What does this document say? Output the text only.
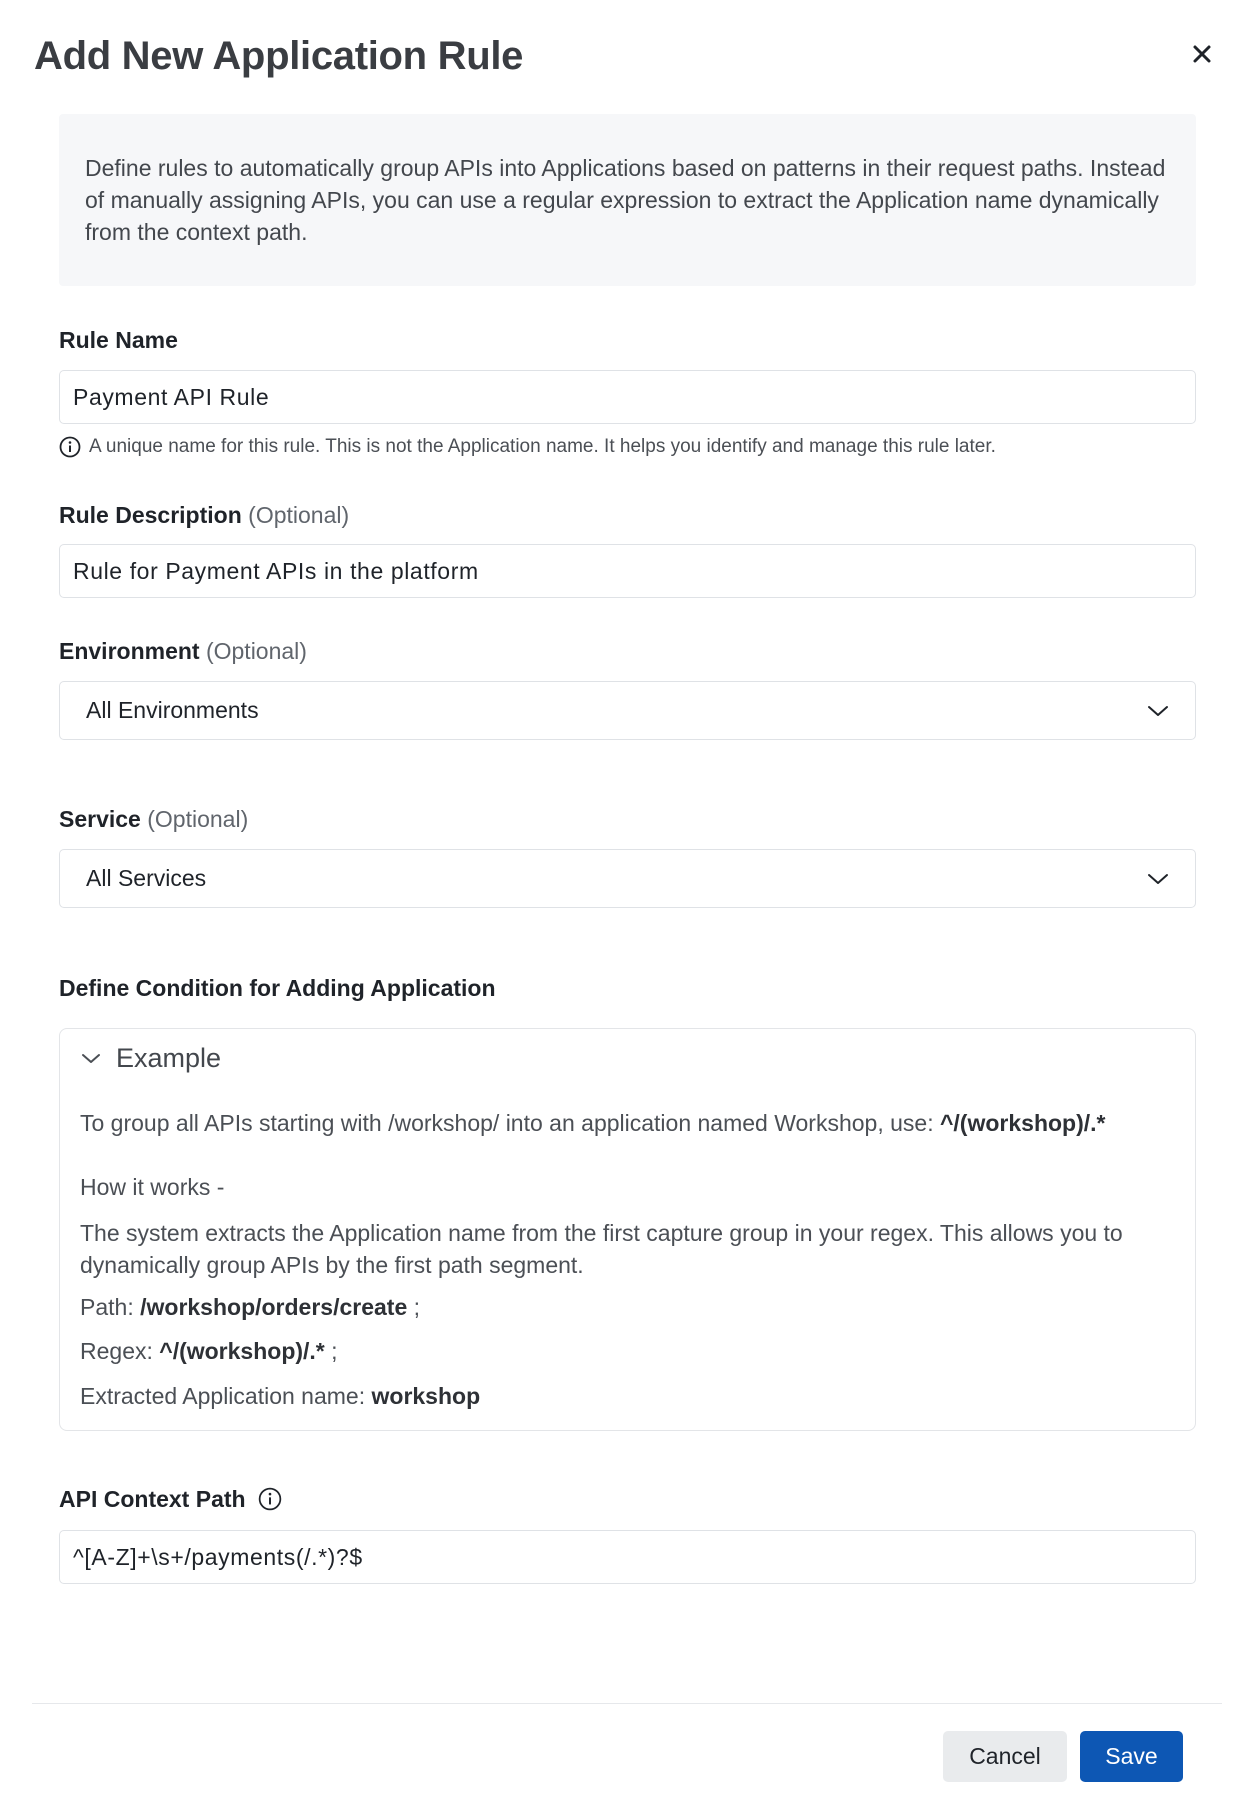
Add New Application Rule

Define rules to automatically group APIs into Applications based on patterns in their request paths. Instead of manually assigning APIs, you can use a regular expression to extract the Application name dynamically from the context path.

Rule Name
Payment API Rule
A unique name for this rule. This is not the Application name. It helps you identify and manage this rule later.
Rule Description (Optional)
Rule for Payment APIs in the platform
Environment (Optional)
All Environments
Service (Optional)
All Services
Define Condition for Adding Application
Example
To group all APIs starting with /workshop/ into an application named Workshop, use: ^/(workshop)/.*
How it works -
The system extracts the Application name from the first capture group in your regex. This allows you to dynamically group APIs by the first path segment.
Path: /workshop/orders/create ;
Regex: ^/(workshop)/.* ;
Extracted Application name: workshop
API Context Path
^[A-Z]+\s+/payments(/.*)?$
Cancel	Save
